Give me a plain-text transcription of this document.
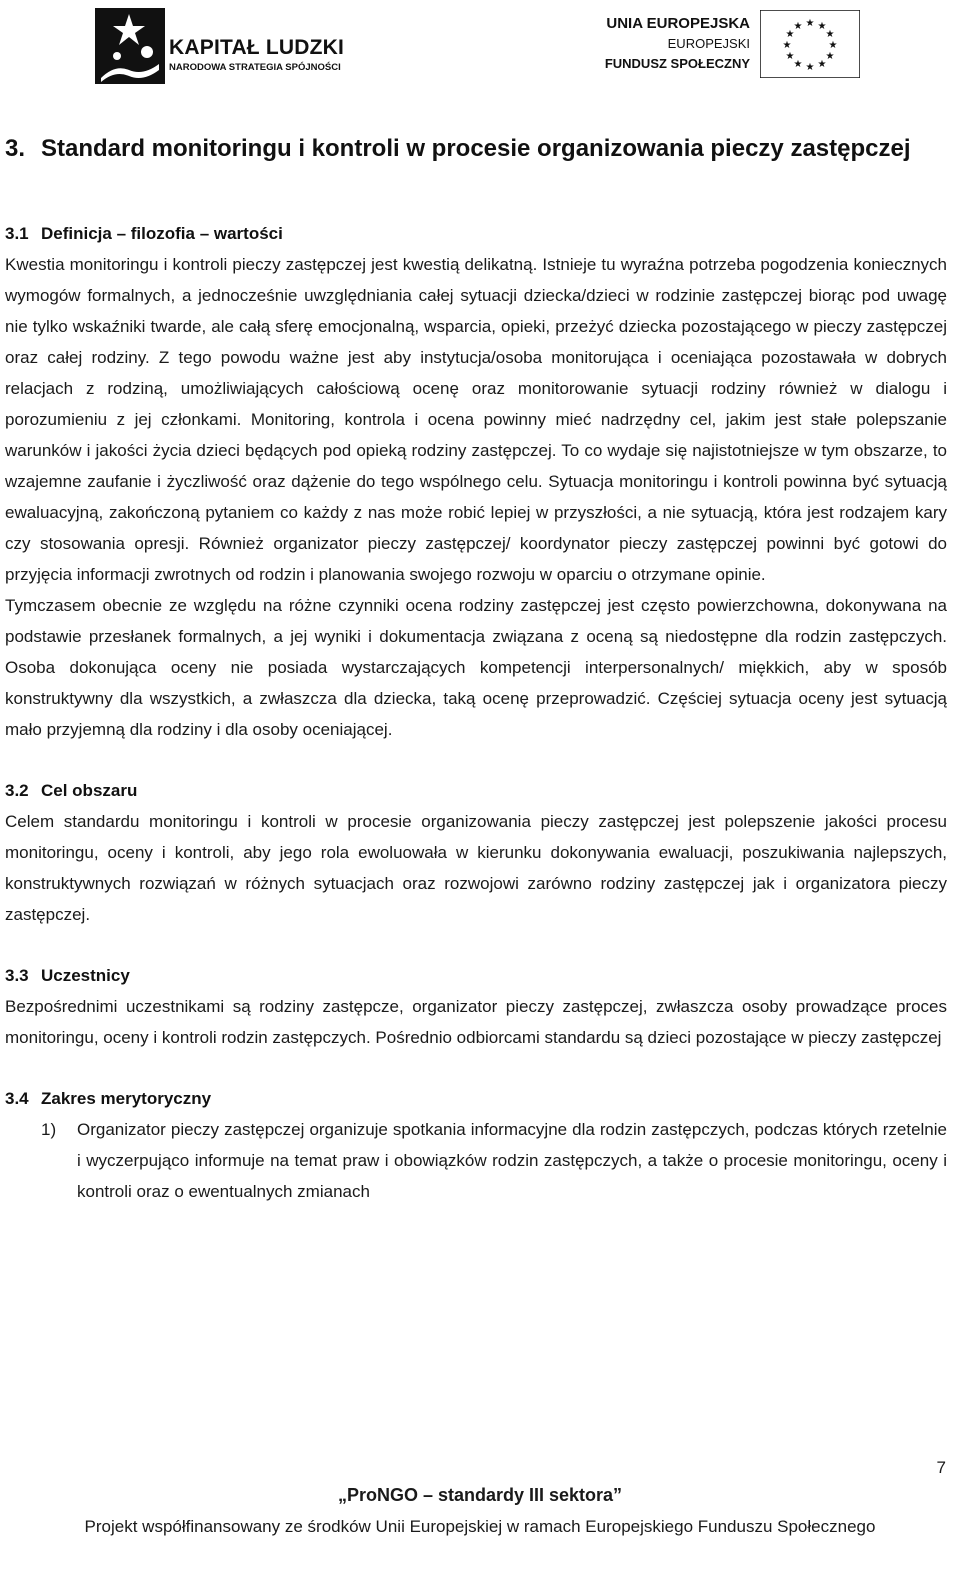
KAPITAŁ LUDZKI
NARODOWA STRATEGIA SPÓJNOŚCI
UNIA EUROPEJSKA
EUROPEJSKI
FUNDUSZ SPOŁECZNY
★ ★
★
★
★
★
★
★
★
★
★
★
3. Standard monitoringu i kontroli w procesie organizowania pieczy zastępczej
3.1 Definicja – filozofia – wartości

Kwestia monitoringu i kontroli pieczy zastępczej jest kwestią delikatną. Istnieje tu wyraźna potrzeba pogodzenia koniecznych wymogów formalnych, a jednocześnie uwzględniania całej sytuacji dziecka/dzieci w rodzinie zastępczej biorąc pod uwagę nie tylko wskaźniki twarde, ale całą sferę emocjonalną, wsparcia, opieki, przeżyć dziecka pozostającego w pieczy zastępczej oraz całej rodziny. Z tego powodu ważne jest aby instytucja/osoba monitorująca i oceniająca pozostawała w dobrych relacjach z rodziną, umożliwiających całościową ocenę oraz monitorowanie sytuacji rodziny również w dialogu i porozumieniu z jej członkami. Monitoring, kontrola i ocena powinny mieć nadrzędny cel, jakim jest stałe polepszanie warunków i jakości życia dzieci będących pod opieką rodziny zastępczej. To co wydaje się najistotniejsze w tym obszarze, to wzajemne zaufanie i życzliwość oraz dążenie do tego wspólnego celu. Sytuacja monitoringu i kontroli powinna być sytuacją ewaluacyjną, zakończoną pytaniem co każdy z nas może robić lepiej w przyszłości, a nie sytuacją, która jest rodzajem kary czy stosowania opresji. Również organizator pieczy zastępczej/ koordynator pieczy zastępczej powinni być gotowi do przyjęcia informacji zwrotnych od rodzin i planowania swojego rozwoju w oparciu o otrzymane opinie.

Tymczasem obecnie ze względu na różne czynniki ocena rodziny zastępczej jest często powierzchowna, dokonywana na podstawie przesłanek formalnych, a jej wyniki i dokumentacja związana z oceną są niedostępne dla rodzin zastępczych. Osoba dokonująca oceny nie posiada wystarczających kompetencji interpersonalnych/ miękkich, aby w sposób konstruktywny dla wszystkich, a zwłaszcza dla dziecka, taką ocenę przeprowadzić. Częściej sytuacja oceny jest sytuacją mało przyjemną dla rodziny i dla osoby oceniającej.

3.2 Cel obszaru

Celem standardu monitoringu i kontroli w procesie organizowania pieczy zastępczej jest polepszenie jakości procesu monitoringu, oceny i kontroli, aby jego rola ewoluowała w kierunku dokonywania ewaluacji, poszukiwania najlepszych, konstruktywnych rozwiązań w różnych sytuacjach oraz rozwojowi zarówno rodziny zastępczej jak i organizatora pieczy zastępczej.

3.3 Uczestnicy

Bezpośrednimi uczestnikami są rodziny zastępcze, organizator pieczy zastępczej, zwłaszcza osoby prowadzące proces monitoringu, oceny i kontroli rodzin zastępczych. Pośrednio odbiorcami standardu są dzieci pozostające w pieczy zastępczej

3.4 Zakres merytoryczny
1) Organizator pieczy zastępczej organizuje spotkania informacyjne dla rodzin zastępczych, podczas których rzetelnie i wyczerpująco informuje na temat praw i obowiązków rodzin zastępczych, a także o procesie monitoringu, oceny i kontroli oraz o ewentualnych zmianach
7
„ProNGO – standardy III sektora”
Projekt współfinansowany ze środków Unii Europejskiej w ramach Europejskiego Funduszu Społecznego
